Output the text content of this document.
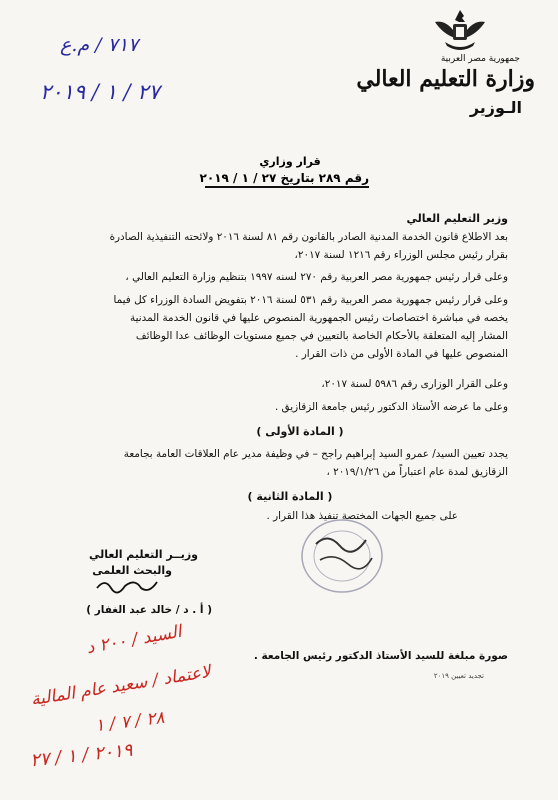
جمهورية مصر العربية
وزارة التعليم العالي
الـوزير
٧١٧ / م.ع
٢٧ / ١ / ٢٠١٩
قرار وزاري
رقم ٢٨٩ بتاريخ ٢٧ / ١ / ٢٠١٩
وزير التعليم العالي
بعد الاطلاع قانون الخدمة المدنية الصادر بالقانون رقم ٨١ لسنة ٢٠١٦ ولائحته التنفيذية الصادرة
بقرار رئيس مجلس الوزراء رقم ١٢١٦ لسنة ٢٠١٧،
وعلى قرار رئيس جمهورية مصر العربية رقم ٢٧٠ لسنه ١٩٩٧ بتنظيم وزارة التعليم العالي ،
وعلى قرار رئيس جمهورية مصر العربية رقم ٥٣١ لسنة ٢٠١٦ بتفويض السادة الوزراء كل فيما
يخصه في مباشرة اختصاصات رئيس الجمهورية المنصوص عليها في قانون الخدمة المدنية
المشار إليه المتعلقة بالأحكام الخاصة بالتعيين في جميع مستويات الوظائف عدا الوظائف
المنصوص عليها في المادة الأولى من ذات القرار .
وعلى القرار الوزارى رقم ٥٩٨٦ لسنة ٢٠١٧،
وعلى ما عرضه الأستاذ الدكتور رئيس جامعة الزقازيق .
( المادة الأولى )
يجدد تعيين السيد/ عمرو السيد إبراهيم راجح – في وظيفة مدير عام العلاقات العامة بجامعة
الزقازيق لمدة عام اعتباراً من ٢٠١٩/١/٢٦ ،
( المادة الثانية )
على جميع الجهات المختصة تنفيذ هذا القرار .
وزيــر التعليم العالي
والبحث العلمى
( أ . د / خالد عبد الغفار )
صورة مبلغة للسيد الأستاذ الدكتور رئيس الجامعة .
تجديد تعيين ٢٠١٩
السيد / ٢٠٠ د
لاعتماد / سعيد عام المالية
٢٨ / ٧ / ١
٢٠١٩ / ١ / ٢٧
